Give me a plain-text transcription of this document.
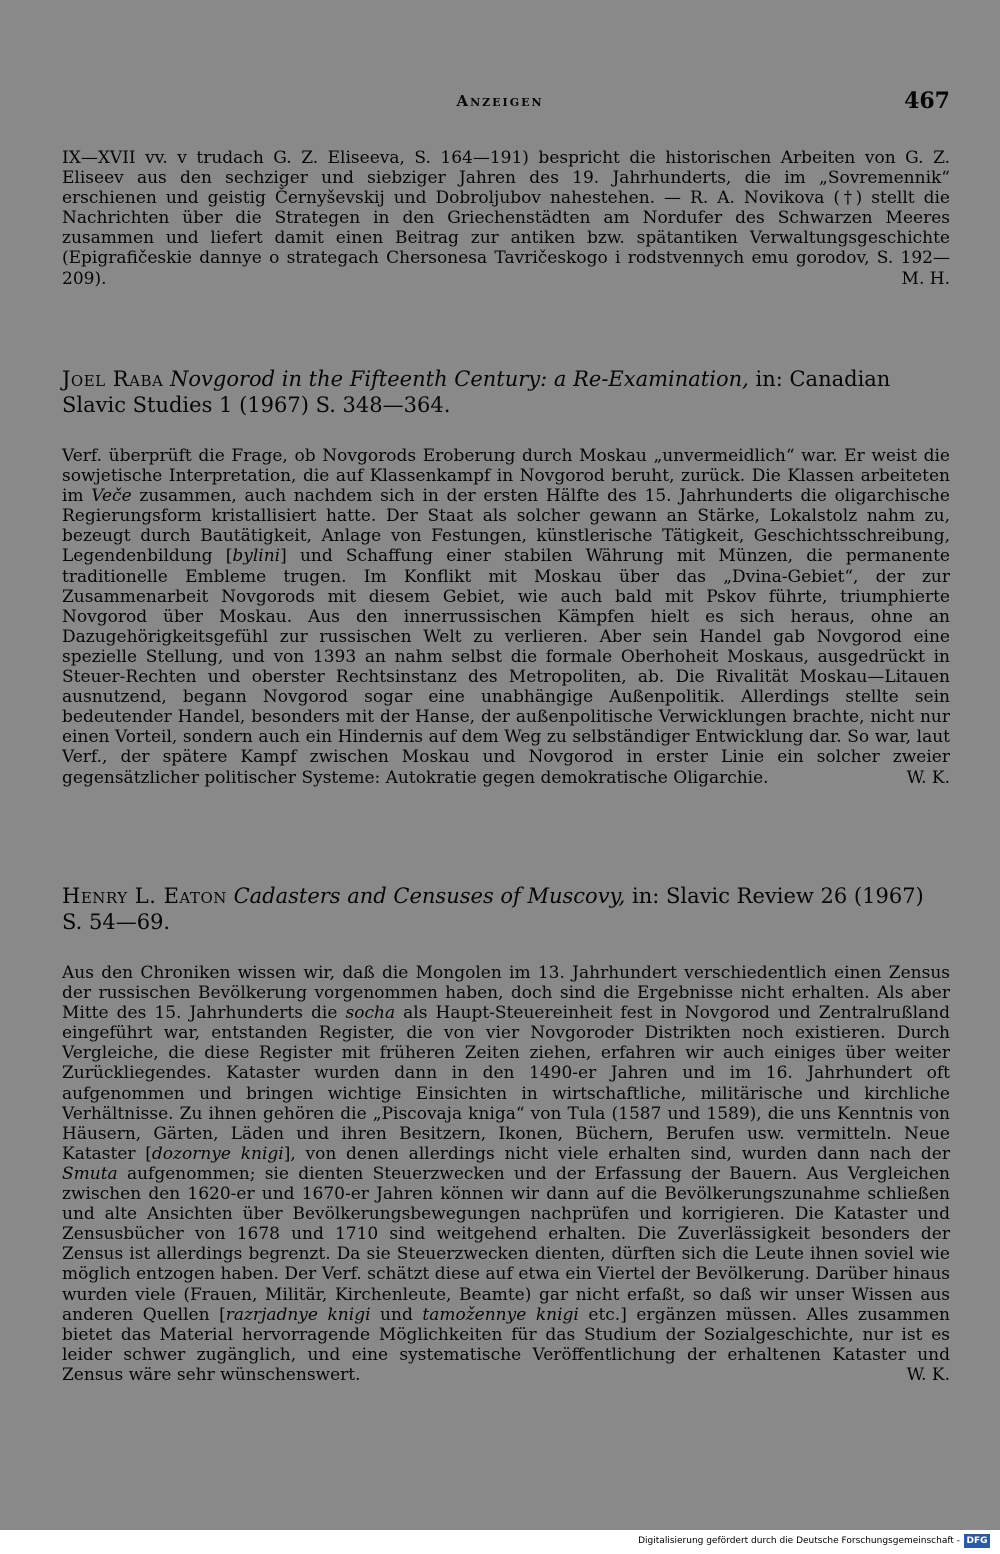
Anzeigen	467

IX—XVII vv. v trudach G. Z. Eliseeva, S. 164—191) bespricht die historischen Arbeiten von G. Z. Eliseev aus den sechziger und siebziger Jahren des 19. Jahrhunderts, die im „Sovremennik“ erschienen und geistig Černyševskij und Dobroljubov nahestehen. — R. A. Novikova (†) stellt die Nachrichten über die Strategen in den Griechenstädten am Nordufer des Schwarzen Meeres zusammen und liefert damit einen Beitrag zur antiken bzw. spätantiken Verwaltungsgeschichte (Epigrafičeskie dannye o strategach Chersonesa Tavričeskogo i rodstvennych emu gorodov, S. 192—209).	M. H.

Joel Raba Novgorod in the Fifteenth Century: a Re-Examination, in: Canadian Slavic Studies 1 (1967) S. 348—364.

Verf. überprüft die Frage, ob Novgorods Eroberung durch Moskau „unvermeidlich“ war. Er weist die sowjetische Interpretation, die auf Klassenkampf in Novgorod beruht, zurück. Die Klassen arbeiteten im Veče zusammen, auch nachdem sich in der ersten Hälfte des 15. Jahrhunderts die oligarchische Regierungsform kristallisiert hatte. Der Staat als solcher gewann an Stärke, Lokalstolz nahm zu, bezeugt durch Bautätigkeit, Anlage von Festungen, künstlerische Tätigkeit, Geschichtsschreibung, Legendenbildung [bylini] und Schaffung einer stabilen Währung mit Münzen, die permanente traditionelle Embleme trugen. Im Konflikt mit Moskau über das „Dvina-Gebiet“, der zur Zusammenarbeit Novgorods mit diesem Gebiet, wie auch bald mit Pskov führte, triumphierte Novgorod über Moskau. Aus den innerrussischen Kämpfen hielt es sich heraus, ohne an Dazugehörigkeitsgefühl zur russischen Welt zu verlieren. Aber sein Handel gab Novgorod eine spezielle Stellung, und von 1393 an nahm selbst die formale Oberhoheit Moskaus, ausgedrückt in Steuer-Rechten und oberster Rechtsinstanz des Metropoliten, ab. Die Rivalität Moskau—Litauen ausnutzend, begann Novgorod sogar eine unabhängige Außenpolitik. Allerdings stellte sein bedeutender Handel, besonders mit der Hanse, der außenpolitische Verwicklungen brachte, nicht nur einen Vorteil, sondern auch ein Hindernis auf dem Weg zu selbständiger Entwicklung dar. So war, laut Verf., der spätere Kampf zwischen Moskau und Novgorod in erster Linie ein solcher zweier gegensätzlicher politischer Systeme: Autokratie gegen demokratische Oligarchie.	W. K.

Henry L. Eaton Cadasters and Censuses of Muscovy, in: Slavic Review 26 (1967) S. 54—69.

Aus den Chroniken wissen wir, daß die Mongolen im 13. Jahrhundert verschiedentlich einen Zensus der russischen Bevölkerung vorgenommen haben, doch sind die Ergebnisse nicht erhalten. Als aber Mitte des 15. Jahrhunderts die socha als Haupt-Steuereinheit fest in Novgorod und Zentralrußland eingeführt war, entstanden Register, die von vier Novgoroder Distrikten noch existieren. Durch Vergleiche, die diese Register mit früheren Zeiten ziehen, erfahren wir auch einiges über weiter Zurückliegendes. Kataster wurden dann in den 1490-er Jahren und im 16. Jahrhundert oft aufgenommen und bringen wichtige Einsichten in wirtschaftliche, militärische und kirchliche Verhältnisse. Zu ihnen gehören die „Piscovaja kniga“ von Tula (1587 und 1589), die uns Kenntnis von Häusern, Gärten, Läden und ihren Besitzern, Ikonen, Büchern, Berufen usw. vermitteln. Neue Kataster [dozornye knigi], von denen allerdings nicht viele erhalten sind, wurden dann nach der Smuta aufgenommen; sie dienten Steuerzwecken und der Erfassung der Bauern. Aus Vergleichen zwischen den 1620-er und 1670-er Jahren können wir dann auf die Bevölkerungszunahme schließen und alte Ansichten über Bevölkerungsbewegungen nachprüfen und korrigieren. Die Kataster und Zensusbücher von 1678 und 1710 sind weitgehend erhalten. Die Zuverlässigkeit besonders der Zensus ist allerdings begrenzt. Da sie Steuerzwecken dienten, dürften sich die Leute ihnen soviel wie möglich entzogen haben. Der Verf. schätzt diese auf etwa ein Viertel der Bevölkerung. Darüber hinaus wurden viele (Frauen, Militär, Kirchenleute, Beamte) gar nicht erfaßt, so daß wir unser Wissen aus anderen Quellen [razrjadnye knigi und tamožennye knigi etc.] ergänzen müssen. Alles zusammen bietet das Material hervorragende Möglichkeiten für das Studium der Sozialgeschichte, nur ist es leider schwer zugänglich, und eine systematische Veröffentlichung der erhaltenen Kataster und Zensus wäre sehr wünschenswert.	W. K.

Digitalisierung gefördert durch die Deutsche Forschungsgemeinschaft - DFG
